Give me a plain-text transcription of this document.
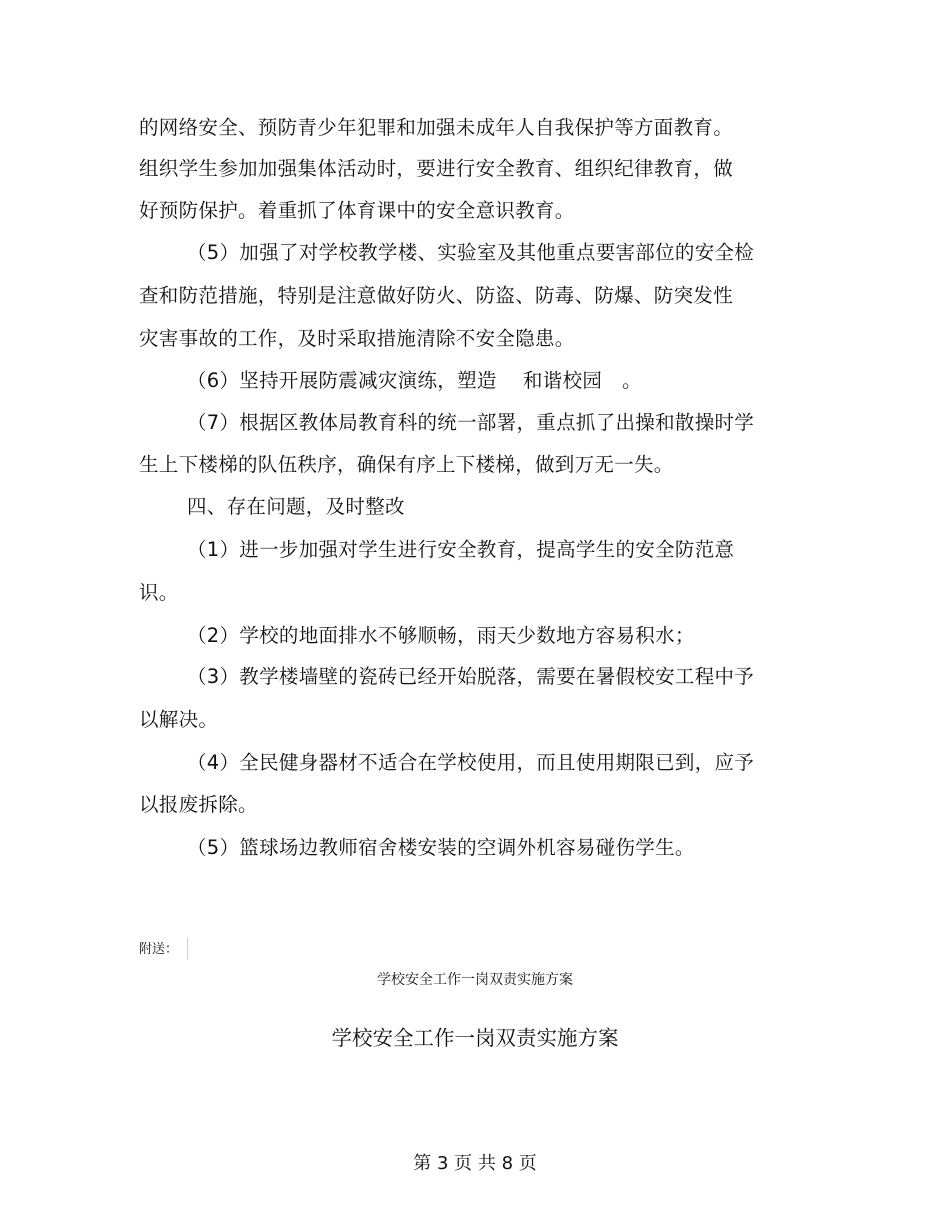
的网络安全、预防青少年犯罪和加强未成年人自我保护等方面教育。
组织学生参加加强集体活动时，要进行安全教育、组织纪律教育，做
好预防保护。着重抓了体育课中的安全意识教育。
（5）加强了对学校教学楼、实验室及其他重点要害部位的安全检
查和防范措施，特别是注意做好防火、防盗、防毒、防爆、防突发性
灾害事故的工作，及时采取措施清除不安全隐患。
（6）坚持开展防震减灾演练，塑造　 和谐校园　。
（7）根据区教体局教育科的统一部署，重点抓了出操和散操时学
生上下楼梯的队伍秩序，确保有序上下楼梯，做到万无一失。
四、存在问题，及时整改
（1）进一步加强对学生进行安全教育，提高学生的安全防范意
识。
（2）学校的地面排水不够顺畅，雨天少数地方容易积水；
（3）教学楼墙壁的瓷砖已经开始脱落，需要在暑假校安工程中予
以解决。
（4）全民健身器材不适合在学校使用，而且使用期限已到，应予
以报废拆除。
（5）篮球场边教师宿舍楼安装的空调外机容易碰伤学生。
附送：
学校安全工作一岗双责实施方案
学校安全工作一岗双责实施方案
第 3 页 共 8 页
